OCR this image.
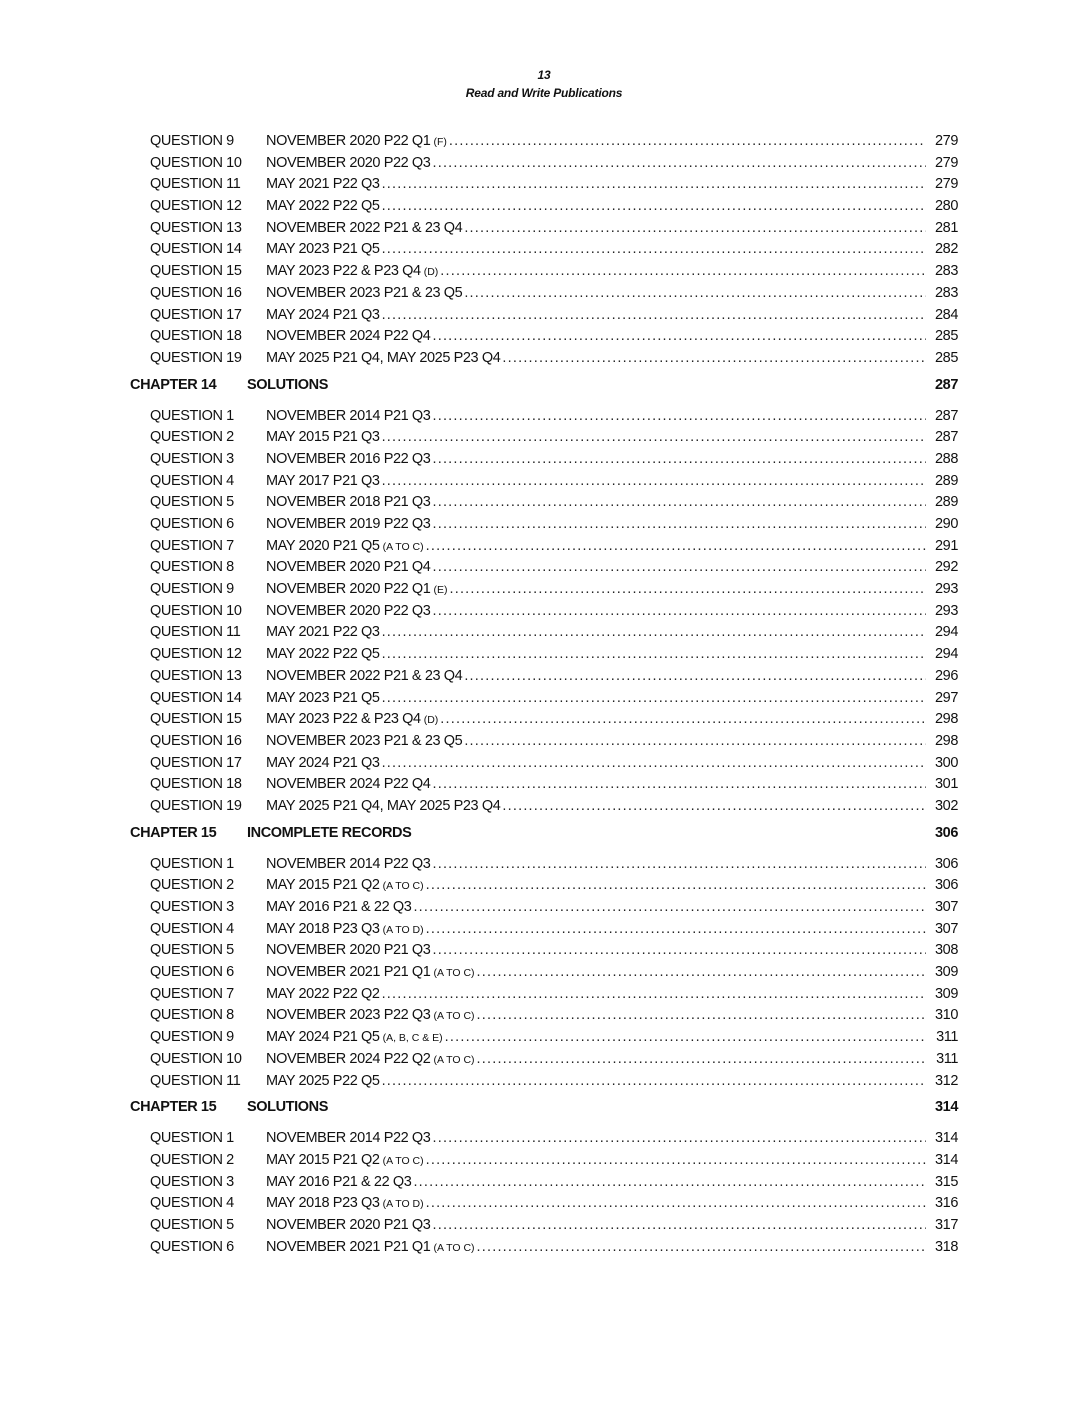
13
Read and Write Publications
QUESTION 9	NOVEMBER 2020 P22 Q1 (F) .....	279
QUESTION 10	NOVEMBER 2020 P22 Q3 .....	279
QUESTION 11	MAY 2021 P22 Q3 .....	279
QUESTION 12	MAY 2022 P22 Q5 .....	280
QUESTION 13	NOVEMBER 2022 P21 & 23 Q4 .....	281
QUESTION 14	MAY 2023 P21 Q5 .....	282
QUESTION 15	MAY 2023 P22 & P23 Q4 (D) .....	283
QUESTION 16	NOVEMBER 2023 P21 & 23 Q5 .....	283
QUESTION 17	MAY 2024 P21 Q3 .....	284
QUESTION 18	NOVEMBER 2024 P22 Q4 .....	285
QUESTION 19	MAY 2025 P21 Q4, MAY 2025 P23 Q4 .....	285
CHAPTER 14 SOLUTIONS	287
QUESTION 1	NOVEMBER 2014 P21 Q3 .....	287
QUESTION 2	MAY 2015 P21 Q3 .....	287
QUESTION 3	NOVEMBER 2016 P22 Q3 .....	288
QUESTION 4	MAY 2017 P21 Q3 .....	289
QUESTION 5	NOVEMBER 2018 P21 Q3 .....	289
QUESTION 6	NOVEMBER 2019 P22 Q3 .....	290
QUESTION 7	MAY 2020 P21 Q5 (A TO C) .....	291
QUESTION 8	NOVEMBER 2020 P21 Q4 .....	292
QUESTION 9	NOVEMBER 2020 P22 Q1 (E) .....	293
QUESTION 10	NOVEMBER 2020 P22 Q3 .....	293
QUESTION 11	MAY 2021 P22 Q3 .....	294
QUESTION 12	MAY 2022 P22 Q5 .....	294
QUESTION 13	NOVEMBER 2022 P21 & 23 Q4 .....	296
QUESTION 14	MAY 2023 P21 Q5 .....	297
QUESTION 15	MAY 2023 P22 & P23 Q4 (D) .....	298
QUESTION 16	NOVEMBER 2023 P21 & 23 Q5 .....	298
QUESTION 17	MAY 2024 P21 Q3 .....	300
QUESTION 18	NOVEMBER 2024 P22 Q4 .....	301
QUESTION 19	MAY 2025 P21 Q4, MAY 2025 P23 Q4 .....	302
CHAPTER 15 INCOMPLETE RECORDS	306
QUESTION 1	NOVEMBER 2014 P22 Q3 .....	306
QUESTION 2	MAY 2015 P21 Q2 (A TO C) .....	306
QUESTION 3	MAY 2016 P21 & 22 Q3 .....	307
QUESTION 4	MAY 2018 P23 Q3 (A TO D) .....	307
QUESTION 5	NOVEMBER 2020 P21 Q3 .....	308
QUESTION 6	NOVEMBER 2021 P21 Q1 (A TO C) .....	309
QUESTION 7	MAY 2022 P22 Q2 .....	309
QUESTION 8	NOVEMBER 2023 P22 Q3 (A TO C) .....	310
QUESTION 9	MAY 2024 P21 Q5 (A, B, C & E) .....	311
QUESTION 10	NOVEMBER 2024 P22 Q2 (A TO C) .....	311
QUESTION 11	MAY 2025 P22 Q5 .....	312
CHAPTER 15 SOLUTIONS	314
QUESTION 1	NOVEMBER 2014 P22 Q3 .....	314
QUESTION 2	MAY 2015 P21 Q2 (A TO C) .....	314
QUESTION 3	MAY 2016 P21 & 22 Q3 .....	315
QUESTION 4	MAY 2018 P23 Q3 (A TO D) .....	316
QUESTION 5	NOVEMBER 2020 P21 Q3 .....	317
QUESTION 6	NOVEMBER 2021 P21 Q1 (A TO C) .....	318
